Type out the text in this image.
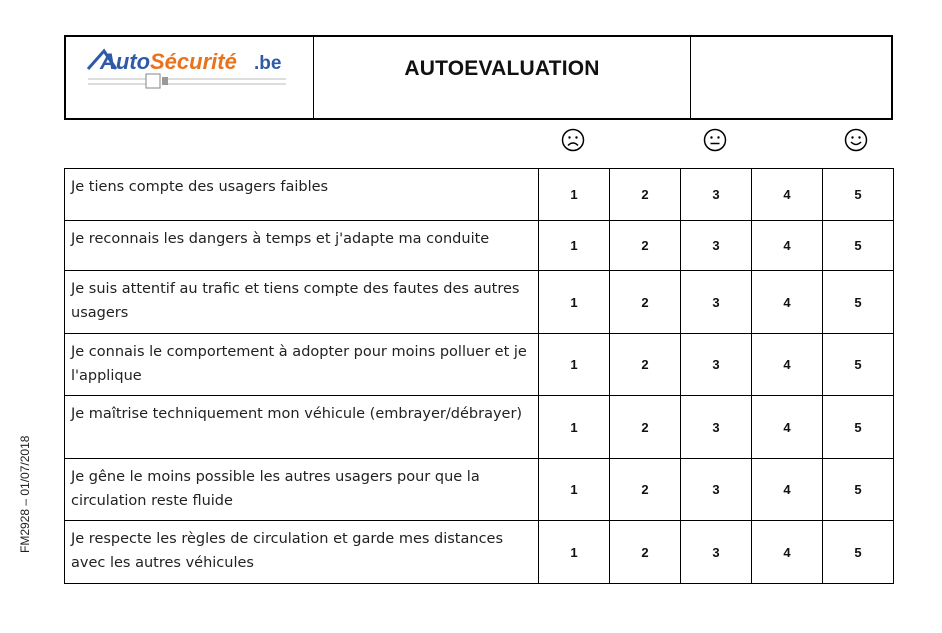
Auto Sécurité .be	AUTOEVALUATION
Je tiens compte des usagers faibles	1	2	3	4	5
Je reconnais les dangers à temps et j'adapte ma conduite	1	2	3	4	5
Je suis attentif au trafic et tiens compte des fautes des autres usagers	1	2	3	4	5
Je connais le comportement à adopter pour moins polluer et je l'applique	1	2	3	4	5
Je maîtrise techniquement mon véhicule (embrayer/débrayer)	1	2	3	4	5
Je gêne le moins possible les autres usagers pour que la circulation reste fluide	1	2	3	4	5
Je respecte les règles de circulation et garde mes distances avec les autres véhicules	1	2	3	4	5
FM2928 – 01/07/2018
